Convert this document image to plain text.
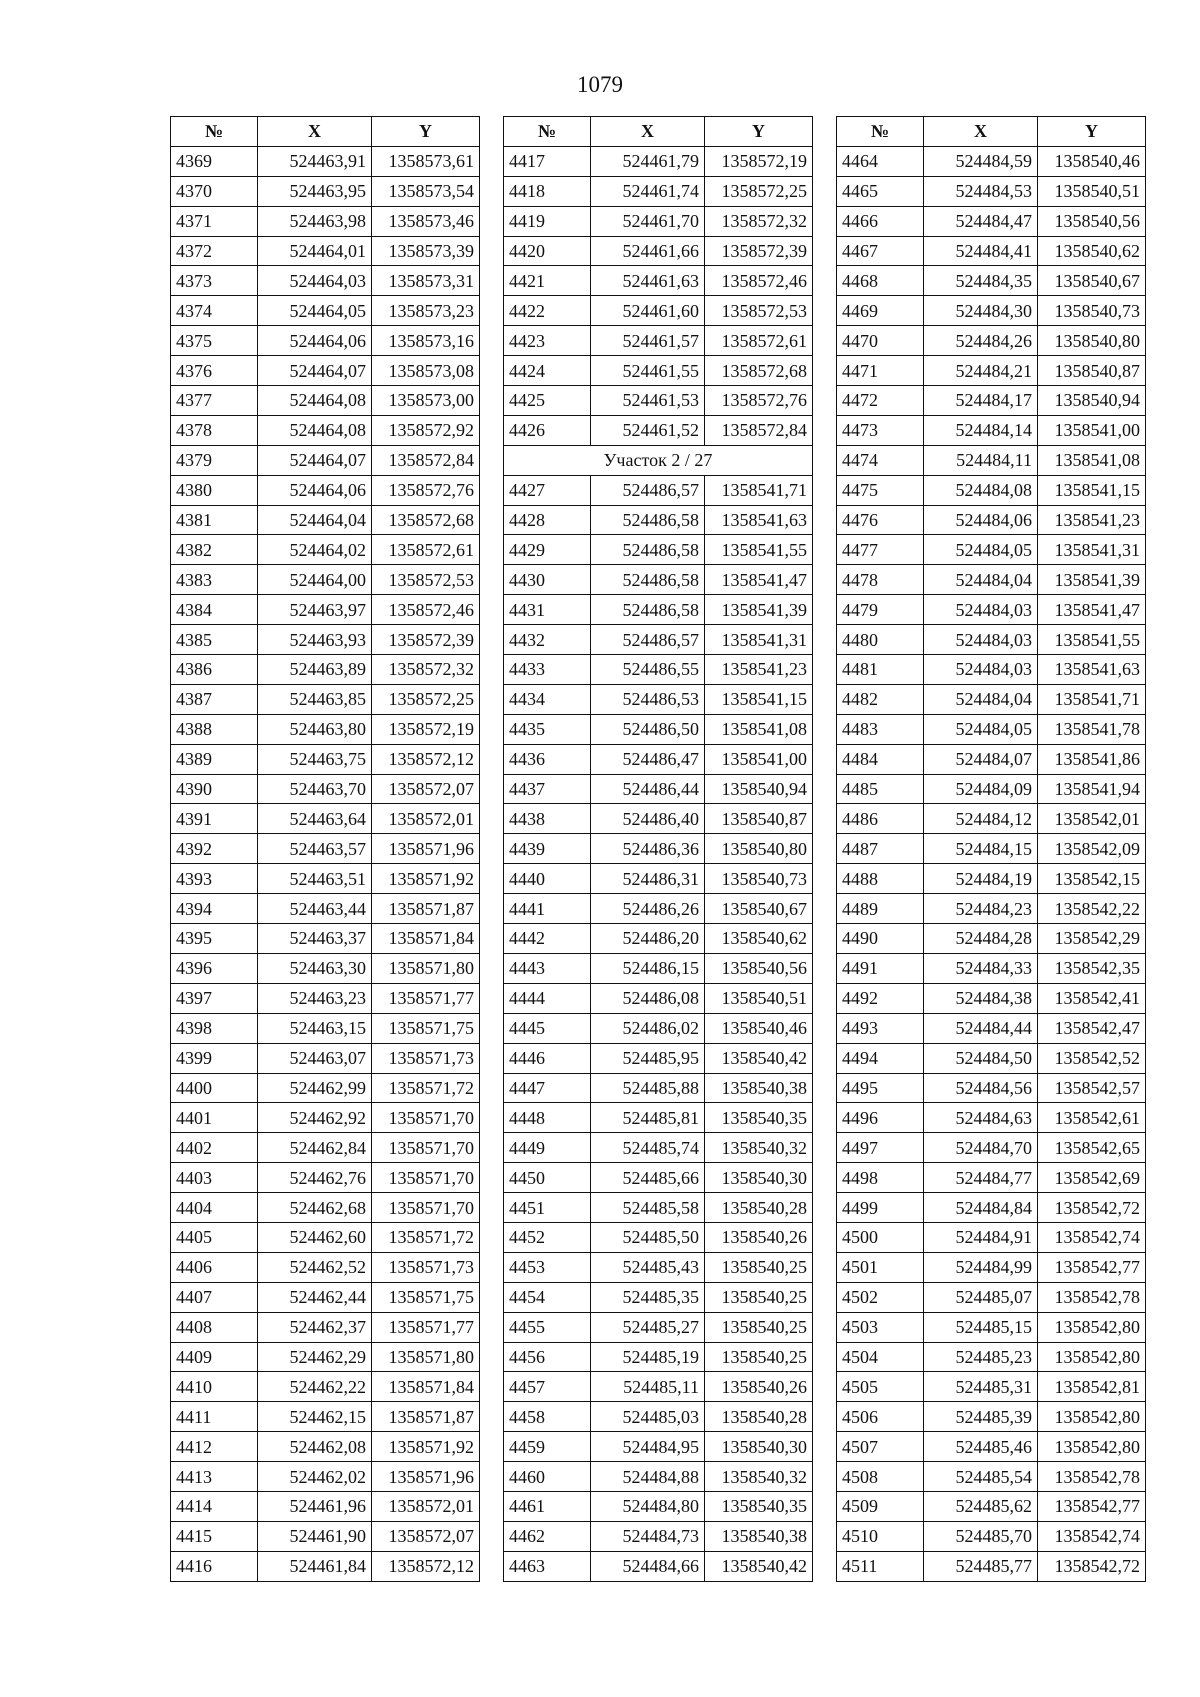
1079
№	X	Y
4369	524463,91	1358573,61
4370	524463,95	1358573,54
4371	524463,98	1358573,46
4372	524464,01	1358573,39
4373	524464,03	1358573,31
4374	524464,05	1358573,23
4375	524464,06	1358573,16
4376	524464,07	1358573,08
4377	524464,08	1358573,00
4378	524464,08	1358572,92
4379	524464,07	1358572,84
4380	524464,06	1358572,76
4381	524464,04	1358572,68
4382	524464,02	1358572,61
4383	524464,00	1358572,53
4384	524463,97	1358572,46
4385	524463,93	1358572,39
4386	524463,89	1358572,32
4387	524463,85	1358572,25
4388	524463,80	1358572,19
4389	524463,75	1358572,12
4390	524463,70	1358572,07
4391	524463,64	1358572,01
4392	524463,57	1358571,96
4393	524463,51	1358571,92
4394	524463,44	1358571,87
4395	524463,37	1358571,84
4396	524463,30	1358571,80
4397	524463,23	1358571,77
4398	524463,15	1358571,75
4399	524463,07	1358571,73
4400	524462,99	1358571,72
4401	524462,92	1358571,70
4402	524462,84	1358571,70
4403	524462,76	1358571,70
4404	524462,68	1358571,70
4405	524462,60	1358571,72
4406	524462,52	1358571,73
4407	524462,44	1358571,75
4408	524462,37	1358571,77
4409	524462,29	1358571,80
4410	524462,22	1358571,84
4411	524462,15	1358571,87
4412	524462,08	1358571,92
4413	524462,02	1358571,96
4414	524461,96	1358572,01
4415	524461,90	1358572,07
4416	524461,84	1358572,12
№	X	Y
4417	524461,79	1358572,19
4418	524461,74	1358572,25
4419	524461,70	1358572,32
4420	524461,66	1358572,39
4421	524461,63	1358572,46
4422	524461,60	1358572,53
4423	524461,57	1358572,61
4424	524461,55	1358572,68
4425	524461,53	1358572,76
4426	524461,52	1358572,84
Участок 2 / 27		
4427	524486,57	1358541,71
4428	524486,58	1358541,63
4429	524486,58	1358541,55
4430	524486,58	1358541,47
4431	524486,58	1358541,39
4432	524486,57	1358541,31
4433	524486,55	1358541,23
4434	524486,53	1358541,15
4435	524486,50	1358541,08
4436	524486,47	1358541,00
4437	524486,44	1358540,94
4438	524486,40	1358540,87
4439	524486,36	1358540,80
4440	524486,31	1358540,73
4441	524486,26	1358540,67
4442	524486,20	1358540,62
4443	524486,15	1358540,56
4444	524486,08	1358540,51
4445	524486,02	1358540,46
4446	524485,95	1358540,42
4447	524485,88	1358540,38
4448	524485,81	1358540,35
4449	524485,74	1358540,32
4450	524485,66	1358540,30
4451	524485,58	1358540,28
4452	524485,50	1358540,26
4453	524485,43	1358540,25
4454	524485,35	1358540,25
4455	524485,27	1358540,25
4456	524485,19	1358540,25
4457	524485,11	1358540,26
4458	524485,03	1358540,28
4459	524484,95	1358540,30
4460	524484,88	1358540,32
4461	524484,80	1358540,35
4462	524484,73	1358540,38
4463	524484,66	1358540,42
№	X	Y
4464	524484,59	1358540,46
4465	524484,53	1358540,51
4466	524484,47	1358540,56
4467	524484,41	1358540,62
4468	524484,35	1358540,67
4469	524484,30	1358540,73
4470	524484,26	1358540,80
4471	524484,21	1358540,87
4472	524484,17	1358540,94
4473	524484,14	1358541,00
4474	524484,11	1358541,08
4475	524484,08	1358541,15
4476	524484,06	1358541,23
4477	524484,05	1358541,31
4478	524484,04	1358541,39
4479	524484,03	1358541,47
4480	524484,03	1358541,55
4481	524484,03	1358541,63
4482	524484,04	1358541,71
4483	524484,05	1358541,78
4484	524484,07	1358541,86
4485	524484,09	1358541,94
4486	524484,12	1358542,01
4487	524484,15	1358542,09
4488	524484,19	1358542,15
4489	524484,23	1358542,22
4490	524484,28	1358542,29
4491	524484,33	1358542,35
4492	524484,38	1358542,41
4493	524484,44	1358542,47
4494	524484,50	1358542,52
4495	524484,56	1358542,57
4496	524484,63	1358542,61
4497	524484,70	1358542,65
4498	524484,77	1358542,69
4499	524484,84	1358542,72
4500	524484,91	1358542,74
4501	524484,99	1358542,77
4502	524485,07	1358542,78
4503	524485,15	1358542,80
4504	524485,23	1358542,80
4505	524485,31	1358542,81
4506	524485,39	1358542,80
4507	524485,46	1358542,80
4508	524485,54	1358542,78
4509	524485,62	1358542,77
4510	524485,70	1358542,74
4511	524485,77	1358542,72
